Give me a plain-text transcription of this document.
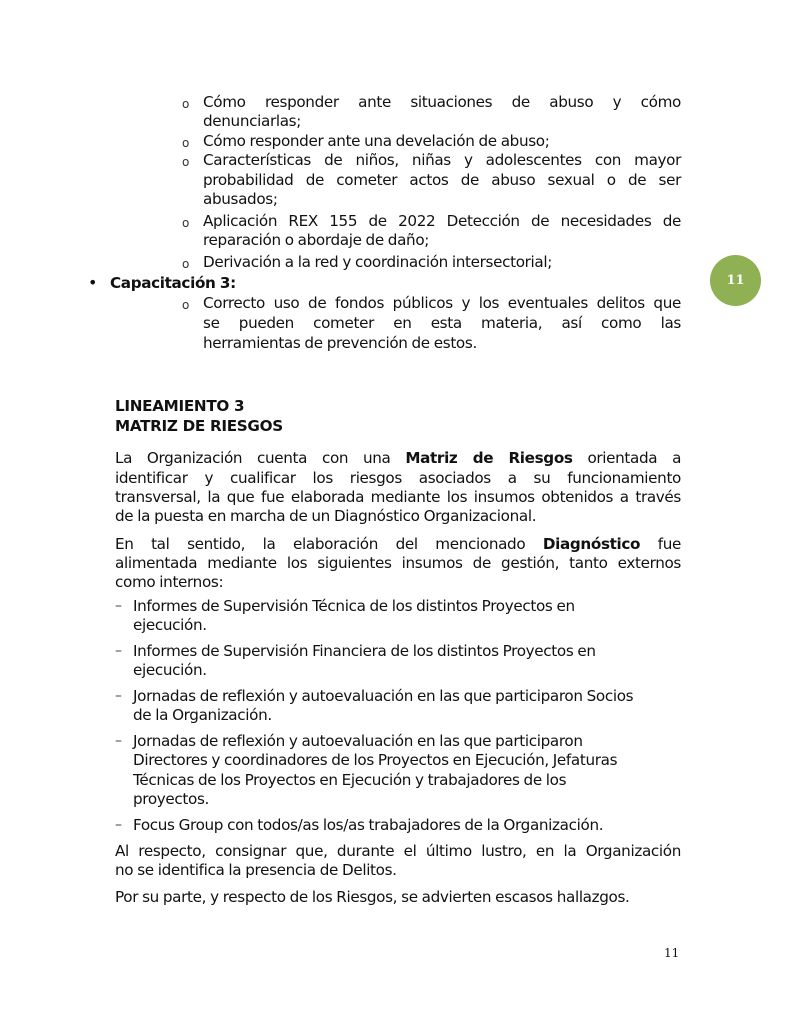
o Cómo responder ante situaciones de abuso y cómo
denunciarlas;
o Cómo responder ante una develación de abuso;
o Características de niños, niñas y adolescentes con mayor
probabilidad de cometer actos de abuso sexual o de ser
abusados;
o Aplicación REX 155 de 2022 Detección de necesidades de
reparación o abordaje de daño;
o Derivación a la red y coordinación intersectorial;
• Capacitación 3:
o Correcto uso de fondos públicos y los eventuales delitos que
se pueden cometer en esta materia, así como las
herramientas de prevención de estos.
11
LINEAMIENTO 3
MATRIZ DE RIESGOS
La Organización cuenta con una Matriz de Riesgos orientada a
identificar y cualificar los riesgos asociados a su funcionamiento
transversal, la que fue elaborada mediante los insumos obtenidos a través
de la puesta en marcha de un Diagnóstico Organizacional.
En tal sentido, la elaboración del mencionado Diagnóstico fue
alimentada mediante los siguientes insumos de gestión, tanto externos
como internos:
– Informes de Supervisión Técnica de los distintos Proyectos en
ejecución.
– Informes de Supervisión Financiera de los distintos Proyectos en
ejecución.
– Jornadas de reflexión y autoevaluación en las que participaron Socios
de la Organización.
– Jornadas de reflexión y autoevaluación en las que participaron
Directores y coordinadores de los Proyectos en Ejecución, Jefaturas
Técnicas de los Proyectos en Ejecución y trabajadores de los
proyectos.
– Focus Group con todos/as los/as trabajadores de la Organización.
Al respecto, consignar que, durante el último lustro, en la Organización
no se identifica la presencia de Delitos.
Por su parte, y respecto de los Riesgos, se advierten escasos hallazgos.
11
